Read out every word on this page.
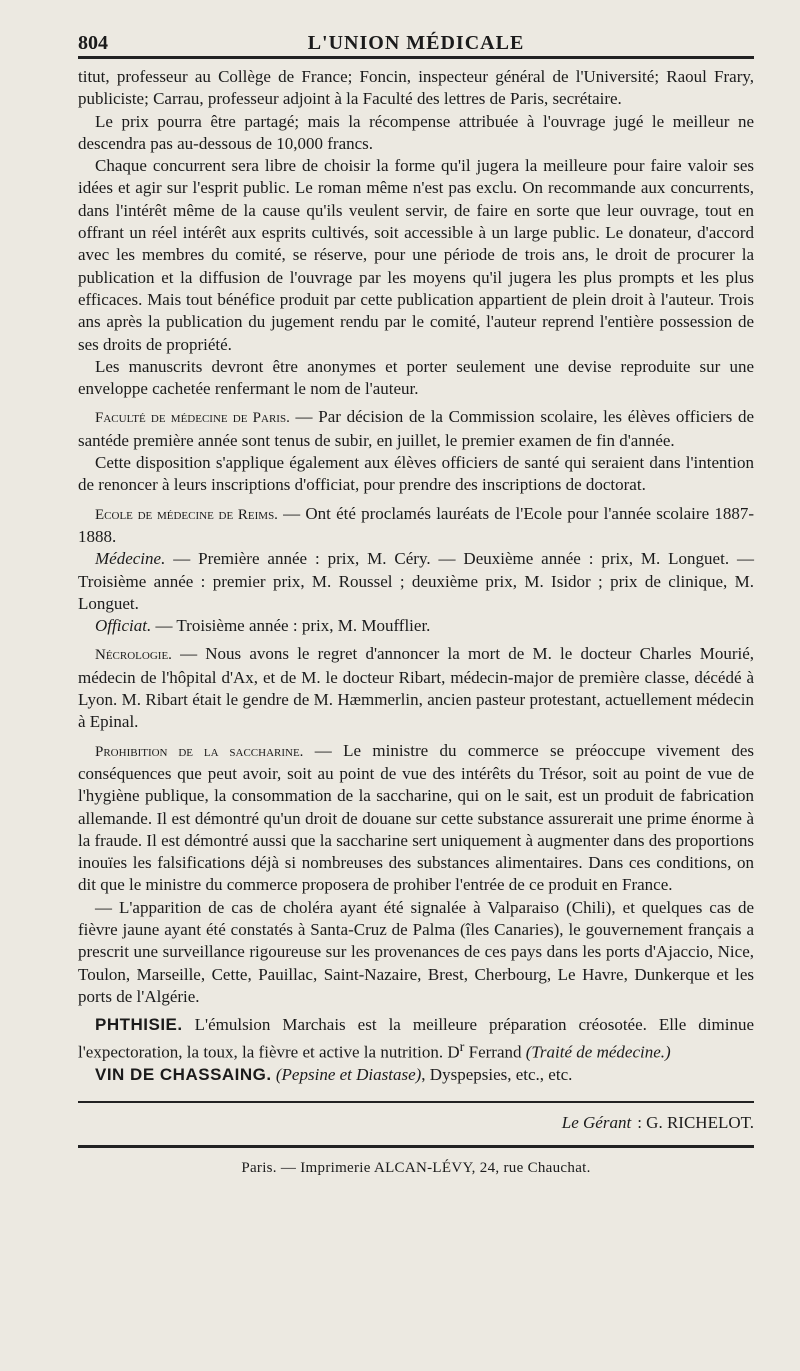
804	L'UNION MÉDICALE

titut, professeur au Collège de France; Foncin, inspecteur général de l'Université; Raoul Frary, publiciste; Carrau, professeur adjoint à la Faculté des lettres de Paris, secrétaire.

Le prix pourra être partagé; mais la récompense attribuée à l'ouvrage jugé le meilleur ne descendra pas au-dessous de 10,000 francs.

Chaque concurrent sera libre de choisir la forme qu'il jugera la meilleure pour faire valoir ses idées et agir sur l'esprit public. Le roman même n'est pas exclu. On recommande aux concurrents, dans l'intérêt même de la cause qu'ils veulent servir, de faire en sorte que leur ouvrage, tout en offrant un réel intérêt aux esprits cultivés, soit accessible à un large public. Le donateur, d'accord avec les membres du comité, se réserve, pour une période de trois ans, le droit de procurer la publication et la diffusion de l'ouvrage par les moyens qu'il jugera les plus prompts et les plus efficaces. Mais tout bénéfice produit par cette publication appartient de plein droit à l'auteur. Trois ans après la publication du jugement rendu par le comité, l'auteur reprend l'entière possession de ses droits de propriété.

Les manuscrits devront être anonymes et porter seulement une devise reproduite sur une enveloppe cachetée renfermant le nom de l'auteur.

Faculté de médecine de Paris. — Par décision de la Commission scolaire, les élèves officiers de santéde première année sont tenus de subir, en juillet, le premier examen de fin d'année.

Cette disposition s'applique également aux élèves officiers de santé qui seraient dans l'intention de renoncer à leurs inscriptions d'officiat, pour prendre des inscriptions de doctorat.

Ecole de médecine de Reims. — Ont été proclamés lauréats de l'Ecole pour l'année scolaire 1887-1888.

Médecine. — Première année : prix, M. Céry. — Deuxième année : prix, M. Longuet. — Troisième année : premier prix, M. Roussel ; deuxième prix, M. Isidor ; prix de clinique, M. Longuet.

Officiat. — Troisième année : prix, M. Moufflier.

Nécrologie. — Nous avons le regret d'annoncer la mort de M. le docteur Charles Mourié, médecin de l'hôpital d'Ax, et de M. le docteur Ribart, médecin-major de première classe, décédé à Lyon. M. Ribart était le gendre de M. Hæmmerlin, ancien pasteur protestant, actuellement médecin à Epinal.

Prohibition de la saccharine. — Le ministre du commerce se préoccupe vivement des conséquences que peut avoir, soit au point de vue des intérêts du Trésor, soit au point de vue de l'hygiène publique, la consommation de la saccharine, qui on le sait, est un produit de fabrication allemande. Il est démontré qu'un droit de douane sur cette substance assurerait une prime énorme à la fraude. Il est démontré aussi que la saccharine sert uniquement à augmenter dans des proportions inouïes les falsifications déjà si nombreuses des substances alimentaires. Dans ces conditions, on dit que le ministre du commerce proposera de prohiber l'entrée de ce produit en France.

— L'apparition de cas de choléra ayant été signalée à Valparaiso (Chili), et quelques cas de fièvre jaune ayant été constatés à Santa-Cruz de Palma (îles Canaries), le gouvernement français a prescrit une surveillance rigoureuse sur les provenances de ces pays dans les ports d'Ajaccio, Nice, Toulon, Marseille, Cette, Pauillac, Saint-Nazaire, Brest, Cherbourg, Le Havre, Dunkerque et les ports de l'Algérie.

PHTHISIE. L'émulsion Marchais est la meilleure préparation créosotée. Elle diminue l'expectoration, la toux, la fièvre et active la nutrition. $D^r$ Ferrand (Traité de médecine.)

VIN DE CHASSAING. (Pepsine et Diastase), Dyspepsies, etc., etc.

Le Gérant : G. RICHELOT.
Paris. — Imprimerie ALCAN-LÉVY, 24, rue Chauchat.
